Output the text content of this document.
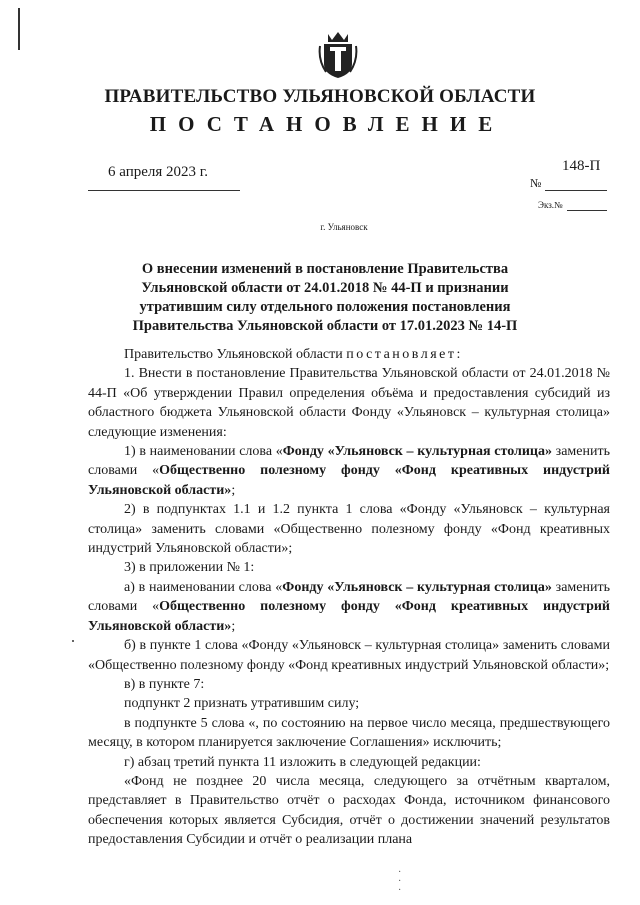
ПРАВИТЕЛЬСТВО УЛЬЯНОВСКОЙ ОБЛАСТИ
ПОСТАНОВЛЕНИЕ
6 апреля 2023 г.
№
148-П
Экз.№
г. Ульяновск
О внесении изменений в постановление Правительства Ульяновской области от 24.01.2018 № 44-П и признании утратившим силу отдельного положения постановления Правительства Ульяновской области от 17.01.2023 № 14-П

Правительство Ульяновской области постановляет:

1. Внести в постановление Правительства Ульяновской области от 24.01.2018 № 44-П «Об утверждении Правил определения объёма и предоставления субсидий из областного бюджета Ульяновской области Фонду «Ульяновск – культурная столица» следующие изменения:

1) в наименовании слова «Фонду «Ульяновск – культурная столица» заменить словами «Общественно полезному фонду «Фонд креативных индустрий Ульяновской области»;

2) в подпунктах 1.1 и 1.2 пункта 1 слова «Фонду «Ульяновск – культурная столица» заменить словами «Общественно полезному фонду «Фонд креативных индустрий Ульяновской области»;

3) в приложении № 1:

а) в наименовании слова «Фонду «Ульяновск – культурная столица» заменить словами «Общественно полезному фонду «Фонд креативных индустрий Ульяновской области»;

б) в пункте 1 слова «Фонду «Ульяновск – культурная столица» заменить словами «Общественно полезному фонду «Фонд креативных индустрий Ульяновской области»;

в) в пункте 7:

подпункт 2 признать утратившим силу;

в подпункте 5 слова «, по состоянию на первое число месяца, предшествующего месяцу, в котором планируется заключение Соглашения» исключить;

г) абзац третий пункта 11 изложить в следующей редакции:

«Фонд не позднее 20 числа месяца, следующего за отчётным кварталом, представляет в Правительство отчёт о расходах Фонда, источником финансового обеспечения которых является Субсидия, отчёт о достижении значений результатов предоставления Субсидии и отчёт о реализации плана

·
·
·
